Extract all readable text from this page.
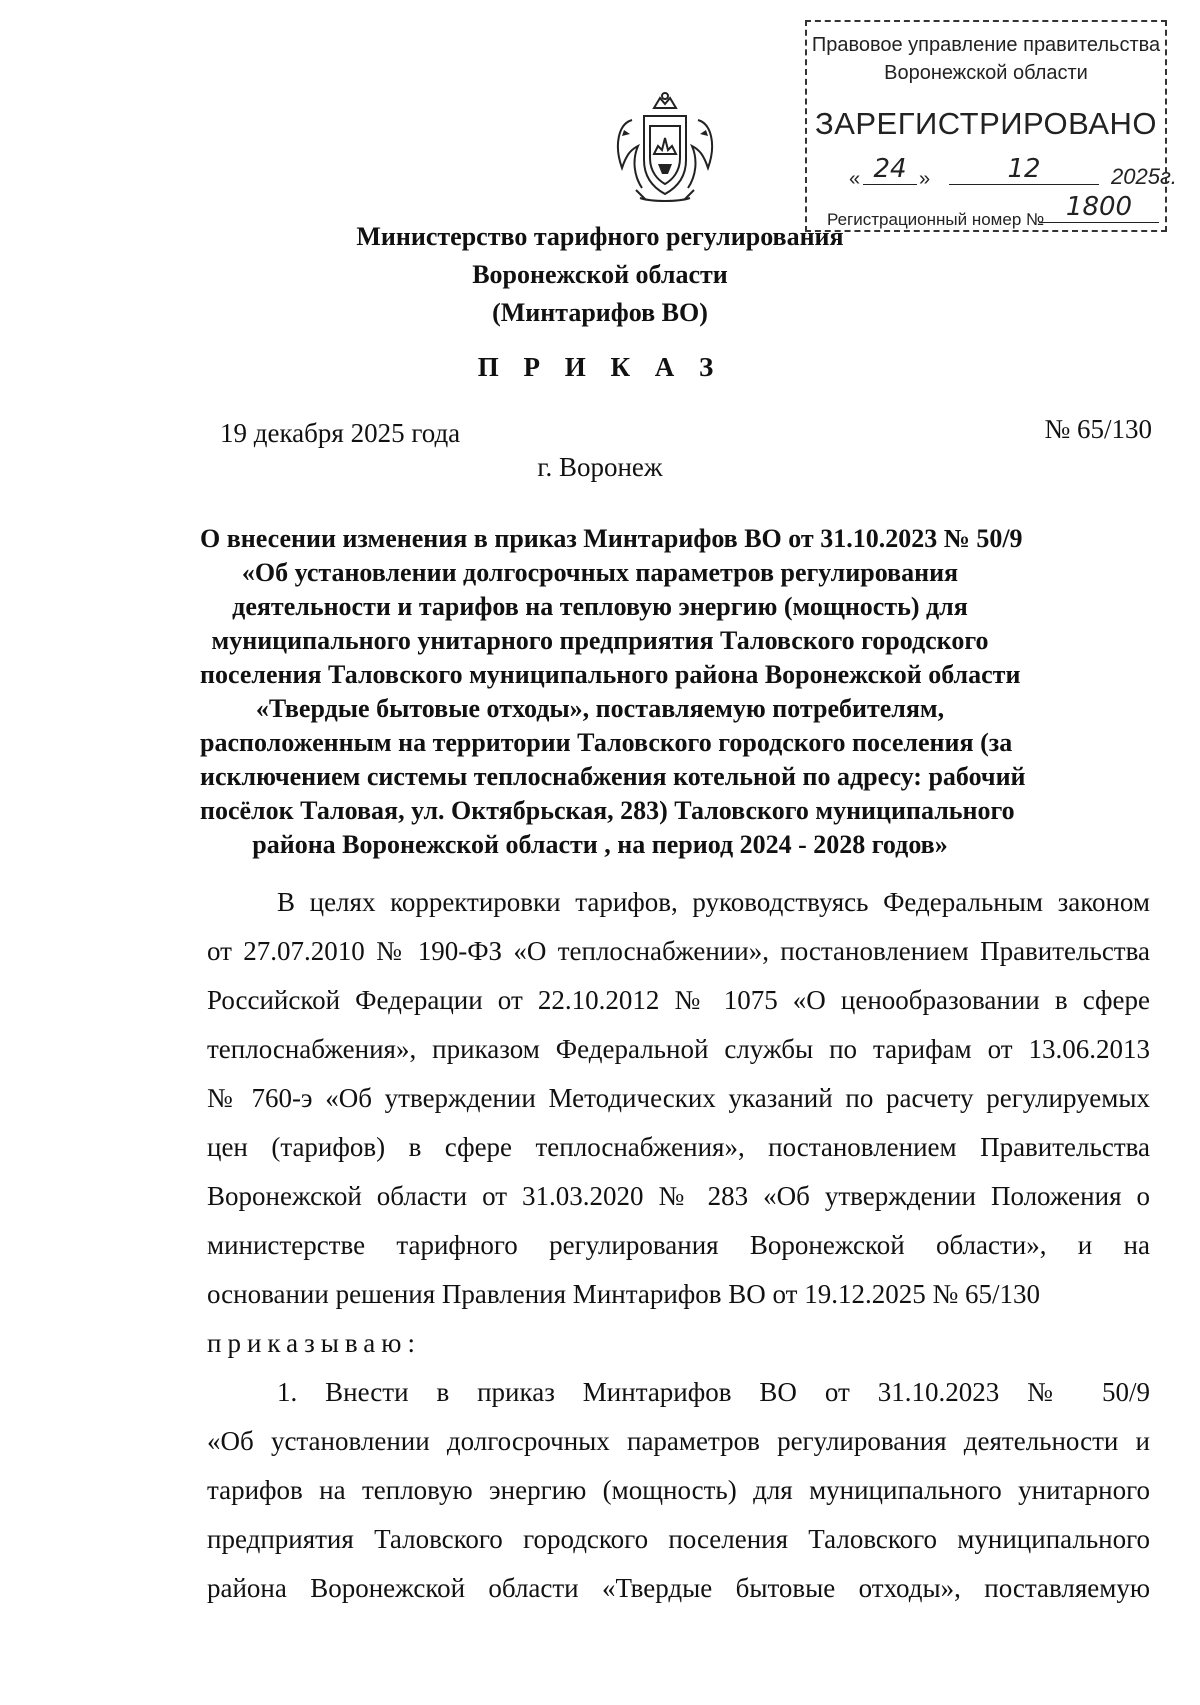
Правовое управление правительства
Воронежской области
ЗАРЕГИСТРИРОВАНО
« 24 »	12	2025г.
Регистрационный номер № 1800
Министерство тарифного регулирования
Воронежской области
(Минтарифов ВО)
П Р И К А З
19 декабря 2025 года	№ 65/130
г. Воронеж
О внесении изменения в приказ Минтарифов ВО от 31.10.2023 № 50/9
«Об установлении долгосрочных параметров регулирования
деятельности и тарифов на тепловую энергию (мощность) для
муниципального унитарного предприятия Таловского городского
поселения Таловского муниципального района Воронежской области
«Твердые бытовые отходы», поставляемую потребителям,
расположенным на территории Таловского городского поселения (за
исключением системы теплоснабжения котельной по адресу: рабочий
посёлок Таловая, ул. Октябрьская, 283) Таловского муниципального
района Воронежской области , на период 2024 - 2028 годов»
В целях корректировки тарифов, руководствуясь Федеральным законом
от 27.07.2010 № 190-ФЗ «О теплоснабжении», постановлением Правительства
Российской Федерации от 22.10.2012 № 1075 «О ценообразовании в сфере
теплоснабжения», приказом Федеральной службы по тарифам от 13.06.2013
№ 760-э «Об утверждении Методических указаний по расчету регулируемых
цен (тарифов) в сфере теплоснабжения», постановлением Правительства
Воронежской области от 31.03.2020 № 283 «Об утверждении Положения о
министерстве тарифного регулирования Воронежской области», и на
основании решения Правления Минтарифов ВО от 19.12.2025 № 65/130
приказываю:
1. Внести в приказ Минтарифов ВО от 31.10.2023 № 50/9
«Об установлении долгосрочных параметров регулирования деятельности и
тарифов на тепловую энергию (мощность) для муниципального унитарного
предприятия Таловского городского поселения Таловского муниципального
района Воронежской области «Твердые бытовые отходы», поставляемую
